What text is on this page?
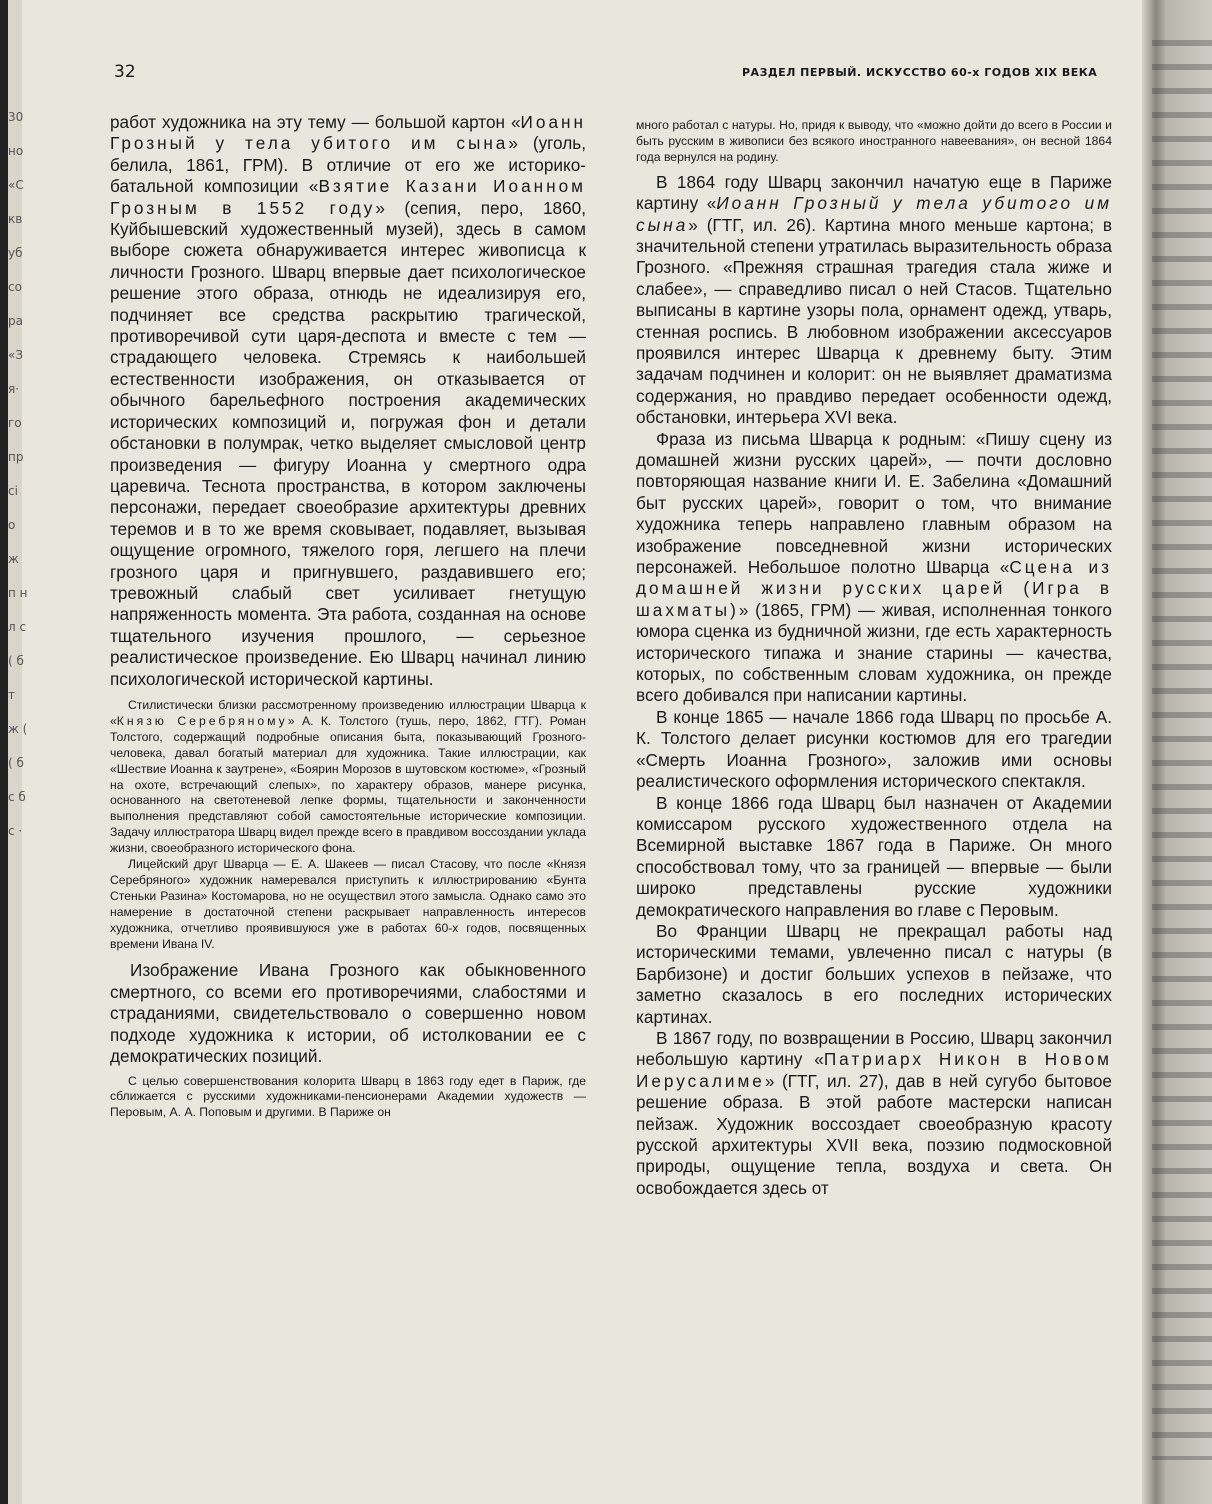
30 но «С кв уб со ра «З я· го пр ci о ж п н л с ( б т ж ( ( б с б с ·
32	РАЗДЕЛ ПЕРВЫЙ. ИСКУССТВО 60-х ГОДОВ XIX ВЕКА

работ художника на эту тему — большой картон «Иоанн Грозный у тела убитого им сына» (уголь, белила, 1861, ГРМ). В отличие от его же историко-батальной композиции «Взятие Казани Иоанном Грозным в 1552 году» (сепия, перо, 1860, Куйбышевский художественный музей), здесь в самом выборе сюжета обнаруживается интерес живописца к личности Грозного. Шварц впервые дает психологическое решение этого образа, отнюдь не идеализируя его, подчиняет все средства раскрытию трагической, противоречивой сути царя-деспота и вместе с тем — страдающего человека. Стремясь к наибольшей естественности изображения, он отказывается от обычного барельефного построения академических исторических композиций и, погружая фон и детали обстановки в полумрак, четко выделяет смысловой центр произведения — фигуру Иоанна у смертного одра царевича. Теснота пространства, в котором заключены персонажи, передает своеобразие архитектуры древних теремов и в то же время сковывает, подавляет, вызывая ощущение огромного, тяжелого горя, легшего на плечи грозного царя и пригнувшего, раздавившего его; тревожный слабый свет усиливает гнетущую напряженность момента. Эта работа, созданная на основе тщательного изучения прошлого, — серьезное реалистическое произведение. Ею Шварц начинал линию психологической исторической картины.

Стилистически близки рассмотренному произведению иллюстрации Шварца к «Князю Серебряному» А. К. Толстого (тушь, перо, 1862, ГТГ). Роман Толстого, содержащий подробные описания быта, показывающий Грозного-человека, давал богатый материал для художника. Такие иллюстрации, как «Шествие Иоанна к заутрене», «Боярин Морозов в шутовском костюме», «Грозный на охоте, встречающий слепых», по характеру образов, манере рисунка, основанного на светотеневой лепке формы, тщательности и законченности выполнения представляют собой самостоятельные исторические композиции. Задачу иллюстратора Шварц видел прежде всего в правдивом воссоздании уклада жизни, своеобразного исторического фона.

Лицейский друг Шварца — Е. А. Шакеев — писал Стасову, что после «Князя Серебряного» художник намеревался приступить к иллюстрированию «Бунта Стеньки Разина» Костомарова, но не осуществил этого замысла. Однако само это намерение в достаточной степени раскрывает направленность интересов художника, отчетливо проявившуюся уже в работах 60-х годов, посвященных времени Ивана IV.

Изображение Ивана Грозного как обыкновенного смертного, со всеми его противоречиями, слабостями и страданиями, свидетельствовало о совершенно новом подходе художника к истории, об истолковании ее с демократических позиций.

С целью совершенствования колорита Шварц в 1863 году едет в Париж, где сближается с русскими художниками-пенсионерами Академии художеств — Перовым, А. А. Поповым и другими. В Париже он

много работал с натуры. Но, придя к выводу, что «можно дойти до всего в России и быть русским в живописи без всякого иностранного навеевания», он весной 1864 года вернулся на родину.

В 1864 году Шварц закончил начатую еще в Париже картину «Иоанн Грозный у тела убитого им сына» (ГТГ, ил. 26). Картина много меньше картона; в значительной степени утратилась выразительность образа Грозного. «Прежняя страшная трагедия стала жиже и слабее», — справедливо писал о ней Стасов. Тщательно выписаны в картине узоры пола, орнамент одежд, утварь, стенная роспись. В любовном изображении аксессуаров проявился интерес Шварца к древнему быту. Этим задачам подчинен и колорит: он не выявляет драматизма содержания, но правдиво передает особенности одежд, обстановки, интерьера XVI века.

Фраза из письма Шварца к родным: «Пишу сцену из домашней жизни русских царей», — почти дословно повторяющая название книги И. Е. Забелина «Домашний быт русских царей», говорит о том, что внимание художника теперь направлено главным образом на изображение повседневной жизни исторических персонажей. Небольшое полотно Шварца «Сцена из домашней жизни русских царей (Игра в шахматы)» (1865, ГРМ) — живая, исполненная тонкого юмора сценка из будничной жизни, где есть характерность исторического типажа и знание старины — качества, которых, по собственным словам художника, он прежде всего добивался при написании картины.

В конце 1865 — начале 1866 года Шварц по просьбе А. К. Толстого делает рисунки костюмов для его трагедии «Смерть Иоанна Грозного», заложив ими основы реалистического оформления исторического спектакля.

В конце 1866 года Шварц был назначен от Академии комиссаром русского художественного отдела на Всемирной выставке 1867 года в Париже. Он много способствовал тому, что за границей — впервые — были широко представлены русские художники демократического направления во главе с Перовым.

Во Франции Шварц не прекращал работы над историческими темами, увлеченно писал с натуры (в Барбизоне) и достиг больших успехов в пейзаже, что заметно сказалось в его последних исторических картинах.

В 1867 году, по возвращении в Россию, Шварц закончил небольшую картину «Патриарх Никон в Новом Иерусалиме» (ГТГ, ил. 27), дав в ней сугубо бытовое решение образа. В этой работе мастерски написан пейзаж. Художник воссоздает своеобразную красоту русской архитектуры XVII века, поэзию подмосковной природы, ощущение тепла, воздуха и света. Он освобождается здесь от
